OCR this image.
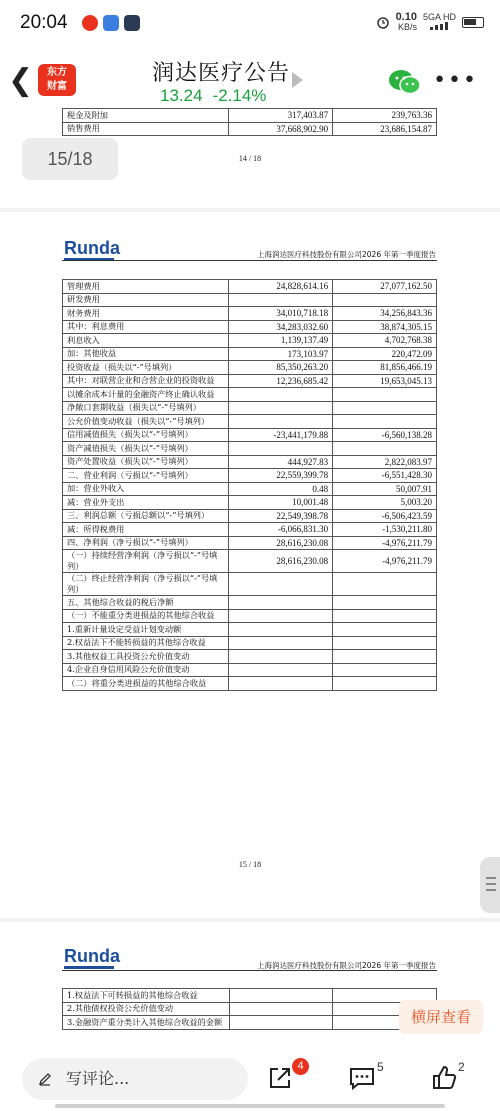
20:04	0.10
KB/s
5GA HD
❮	东方
财富
润达医疗公告
13.24 -2.14%
•••
税金及附加	317,403.87	239,763.36
销售费用	37,668,902.90	23,686,154.87
14 / 18
15/18
Runda	上海润达医疗科技股份有限公司2026 年第一季度报告
管理费用	24,828,614.16	27,077,162.50
研发费用		
财务费用	34,010,718.18	34,256,843.36
其中：利息费用	34,283,032.60	38,874,305.15
利息收入	1,139,137.49	4,702,768.38
加：其他收益	173,103.97	220,472.09
投资收益（损失以“-”号填列）	85,350,263.20	81,856,466.19
其中：对联营企业和合营企业的投资收益	12,236,685.42	19,653,045.13
以摊余成本计量的金融资产终止确认收益		
净敞口套期收益（损失以“-”号填列）		
公允价值变动收益（损失以“-”号填列）		
信用减值损失（损失以“-”号填列）	-23,441,179.88	-6,560,138.28
资产减值损失（损失以“-”号填列）		
资产处置收益（损失以“-”号填列）	444,927.83	2,822,083.97
二、营业利润（亏损以“-”号填列）	22,559,399.78	-6,551,428.30
加：营业外收入	0.48	50,007.91
减：营业外支出	10,001.48	5,003.20
三、利润总额（亏损总额以“-”号填列）	22,549,398.78	-6,506,423.59
减：所得税费用	-6,066,831.30	-1,530,211.80
四、净利润（净亏损以“-”号填列）	28,616,230.08	-4,976,211.79
（一）持续经营净利润（净亏损以“-”号填列）	28,616,230.08	-4,976,211.79
（二）终止经营净利润（净亏损以“-”号填列）		
五、其他综合收益的税后净额		
（一）不能重分类进损益的其他综合收益		
1.重新计量设定受益计划变动额		
2.权益法下不能转损益的其他综合收益		
3.其他权益工具投资公允价值变动		
4.企业自身信用风险公允价值变动		
（二）将重分类进损益的其他综合收益		
15 / 18
Runda	上海润达医疗科技股份有限公司2026 年第一季度报告
1.权益法下可转损益的其他综合收益		
2.其他债权投资公允价值变动		
3.金融资产重分类计入其他综合收益的金额			横屏查看
写评论...
4	5	2
